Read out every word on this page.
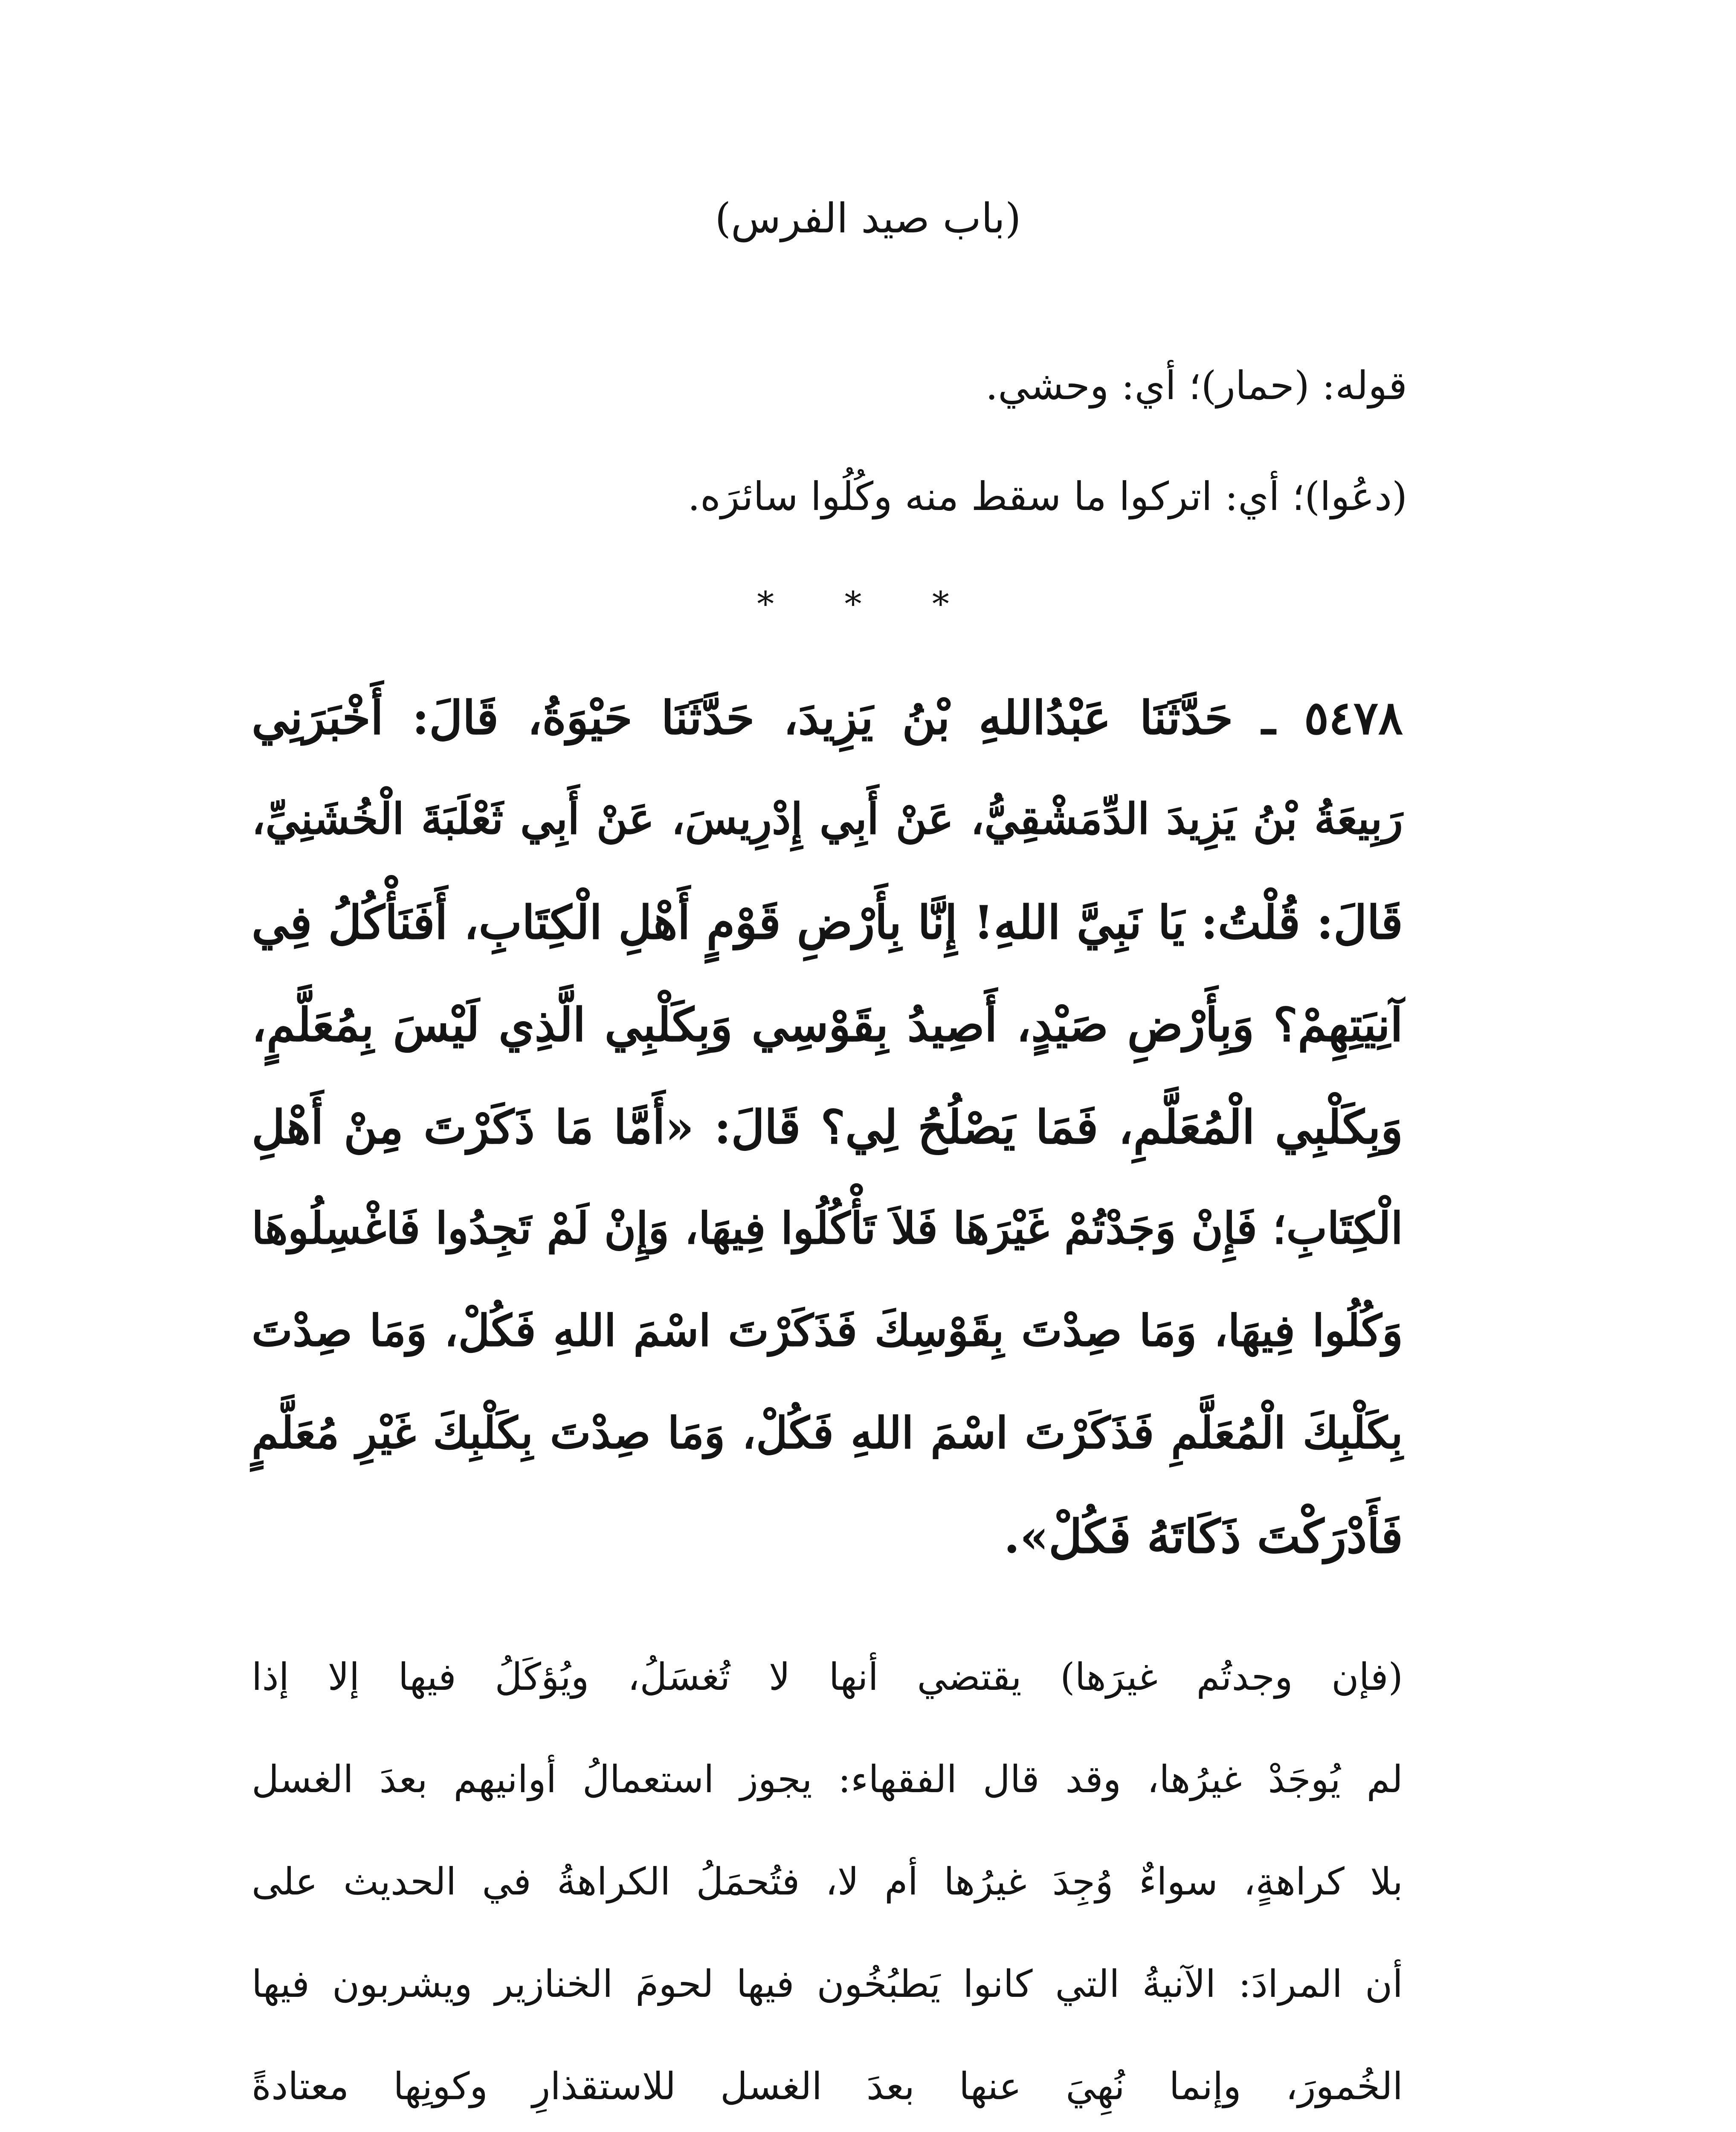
(باب صيد الفرس)
قوله: (حمار)؛ أي: وحشي.
(دعُوا)؛ أي: اتركوا ما سقط منه وكُلُوا سائرَه.
* * *
٥٤٧٨ ـ حَدَّثَنَا عَبْدُاللهِ بْنُ يَزِيدَ، حَدَّثَنَا حَيْوَةُ، قَالَ: أَخْبَرَنِي
رَبِيعَةُ بْنُ يَزِيدَ الدِّمَشْقِيُّ، عَنْ أَبِي إِدْرِيسَ، عَنْ أَبِي ثَعْلَبَةَ الْخُشَنِيِّ،
قَالَ: قُلْتُ: يَا نَبِيَّ اللهِ! إِنَّا بِأَرْضِ قَوْمٍ أَهْلِ الْكِتَابِ، أَفَنَأْكُلُ فِي
آنِيَتِهِمْ؟ وَبِأَرْضِ صَيْدٍ، أَصِيدُ بِقَوْسِي وَبِكَلْبِي الَّذِي لَيْسَ بِمُعَلَّمٍ،
وَبِكَلْبِي الْمُعَلَّمِ، فَمَا يَصْلُحُ لِي؟ قَالَ: «أَمَّا مَا ذَكَرْتَ مِنْ أَهْلِ
الْكِتَابِ؛ فَإِنْ وَجَدْتُمْ غَيْرَهَا فَلاَ تَأْكُلُوا فِيهَا، وَإِنْ لَمْ تَجِدُوا فَاغْسِلُوهَا
وَكُلُوا فِيهَا، وَمَا صِدْتَ بِقَوْسِكَ فَذَكَرْتَ اسْمَ اللهِ فَكُلْ، وَمَا صِدْتَ
بِكَلْبِكَ الْمُعَلَّمِ فَذَكَرْتَ اسْمَ اللهِ فَكُلْ، وَمَا صِدْتَ بِكَلْبِكَ غَيْرِ مُعَلَّمٍ
فَأَدْرَكْتَ ذَكَاتَهُ فَكُلْ».
(فإن وجدتُم غيرَها) يقتضي أنها لا تُغسَلُ، ويُؤكَلُ فيها إلا إذا
لم يُوجَدْ غيرُها، وقد قال الفقهاء: يجوز استعمالُ أوانيهم بعدَ الغسل
بلا كراهةٍ، سواءٌ وُجِدَ غيرُها أم لا، فتُحمَلُ الكراهةُ في الحديث على
أن المرادَ: الآنيةُ التي كانوا يَطبُخُون فيها لحومَ الخنازير ويشربون فيها
الخُمورَ، وإنما نُهِيَ عنها بعدَ الغسل للاستقذارِ وكونِها معتادةً
